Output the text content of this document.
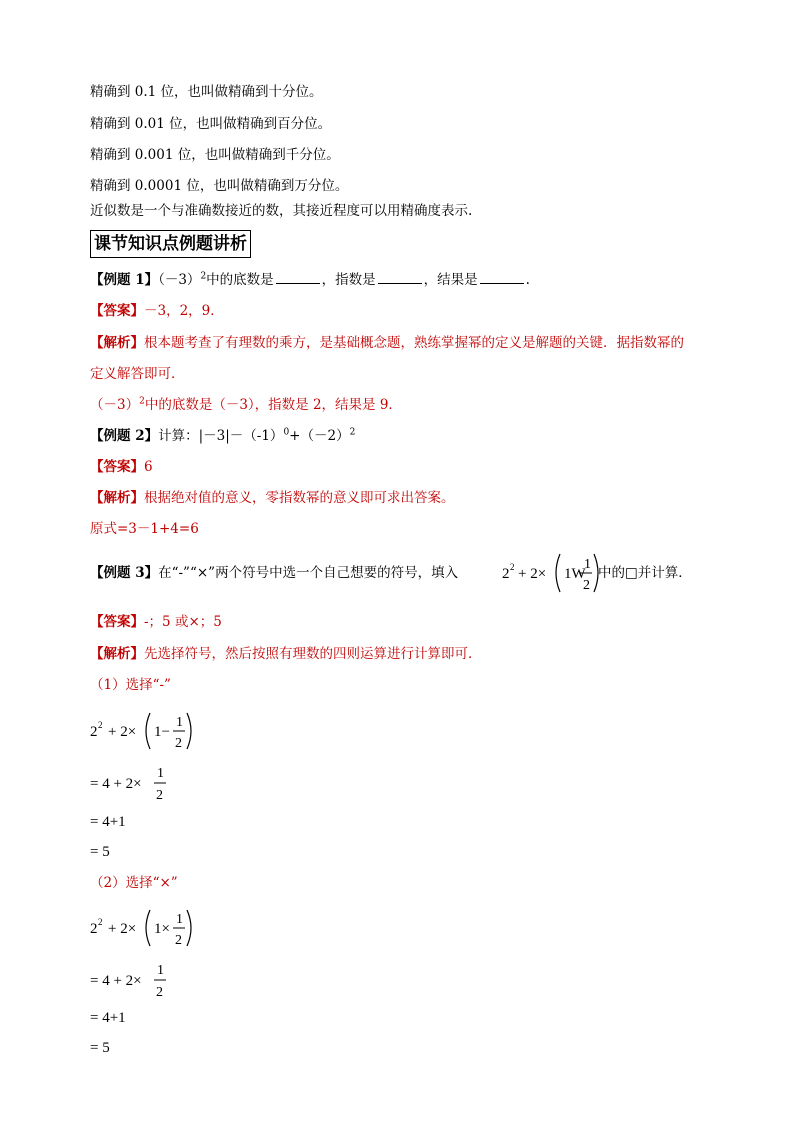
精确到 0.1 位，也叫做精确到十分位。
精确到 0.01 位，也叫做精确到百分位。
精确到 0.001 位，也叫做精确到千分位。
精确到 0.0001 位，也叫做精确到万分位。
近似数是一个与准确数接近的数，其接近程度可以用精确度表示.
课节知识点例题讲析
【例题 1】$(-3)^2$中的底数是	，指数是	，结果是	.
【答案】－3，2，9．
【解析】根本题考查了有理数的乘方，是基础概念题，熟练掌握幂的定义是解题的关键．据指数幂的
定义解答即可．
$(-3)^2$中的底数是（－3），指数是 2，结果是 9．
【例题 2】计算：$|-3|-(-1)^0+(-2)^2$
【答案】6
【解析】根据绝对值的意义，零指数幂的意义即可求出答案。
原式=3－1+4=6
【例题 3】在“-”“×”两个符号中选一个自己想要的符号，填入	2 2 + 2× 1W
1
2
中的□并计算．
【答案】-；5 或×；5
【解析】先选择符号，然后按照有理数的四则运算进行计算即可．
（1）选择“-”
2 2 + 2× 1−
1
2
= 4 + 2×
1
2
= 4+1
= 5
（2）选择“×”
2 2 + 2× 1×
1
2
= 4 + 2×
1
2
= 4+1
= 5
